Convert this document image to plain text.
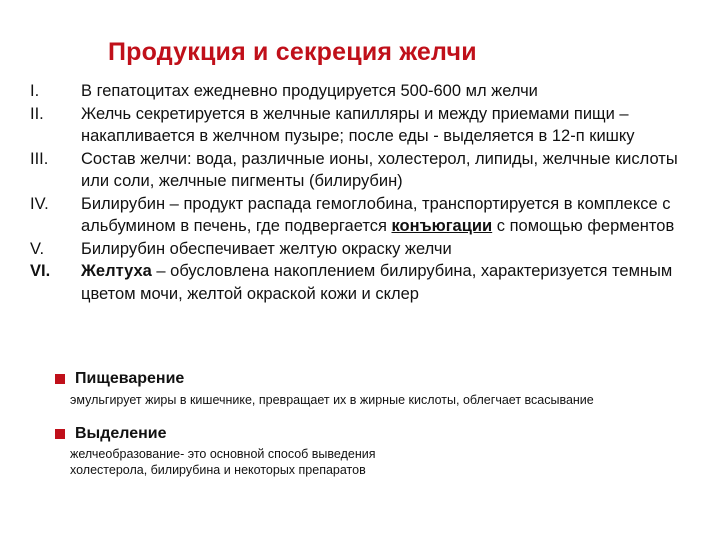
Продукция и секреция желчи
I.	В гепатоцитах ежедневно продуцируется 500-600 мл желчи
II.	Желчь секретируется в желчные капилляры и между приемами пищи – накапливается в желчном пузыре; после еды - выделяется в 12-п кишку
III.	Состав желчи: вода, различные ионы, холестерол, липиды, желчные кислоты или соли, желчные пигменты (билирубин)
IV.	Билирубин – продукт распада гемоглобина, транспортируется в комплексе с альбумином в печень, где подвергается конъюгации с помощью ферментов
V.	Билирубин обеспечивает желтую окраску желчи
VI.	Желтуха – обусловлена накоплением билирубина, характеризуется темным цветом мочи, желтой окраской кожи и склер
Пищеварение
эмульгирует жиры в кишечнике, превращает их в жирные кислоты, облегчает всасывание
Выделение
желчеобразование- это основной способ выведения
холестерола, билирубина и некоторых препаратов
